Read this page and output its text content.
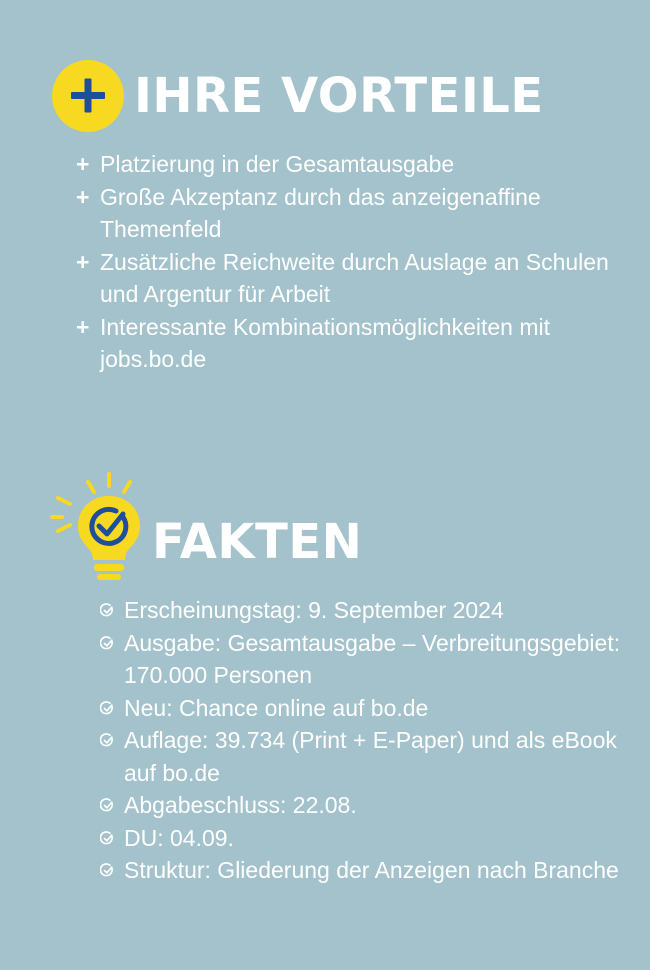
IHRE VORTEILE
+ Platzierung in der Gesamtausgabe
+ Große Akzeptanz durch das anzeigenaffine Themenfeld
+ Zusätzliche Reichweite durch Auslage an Schulen und Argentur für Arbeit
+ Interessante Kombinationsmöglichkeiten mit jobs.bo.de
FAKTEN
Erscheinungstag: 9. September 2024
Ausgabe: Gesamtausgabe – Verbreitungsgebiet: 170.000 Personen
Neu: Chance online auf bo.de
Auflage: 39.734 (Print + E-Paper) und als eBook auf bo.de
Abgabeschluss: 22.08.
DU: 04.09.
Struktur: Gliederung der Anzeigen nach Branche
